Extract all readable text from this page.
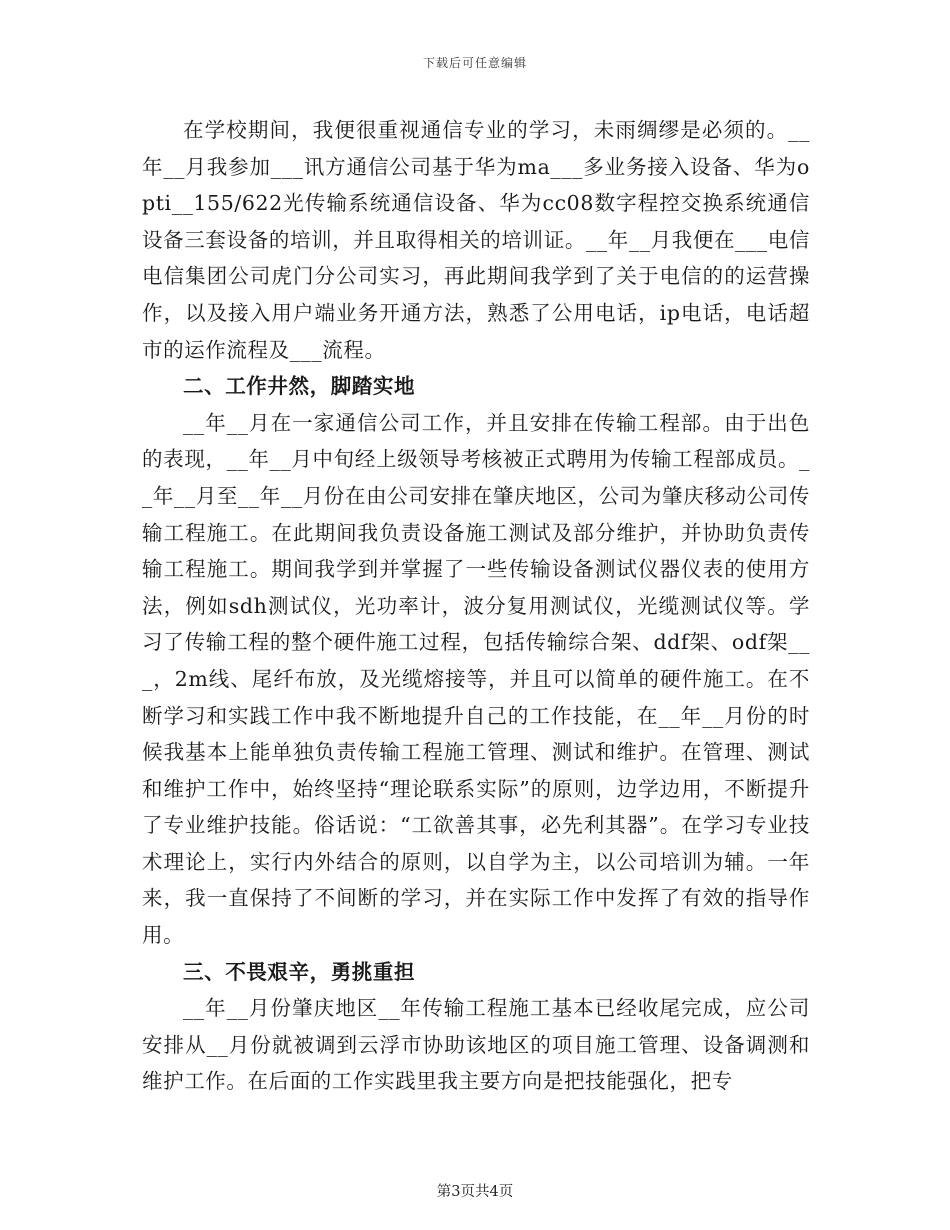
下载后可任意编辑

在学校期间，我便很重视通信专业的学习，未雨绸缪是必须的。__年__月我参加___讯方通信公司基于华为ma___多业务接入设备、华为opti__155/622光传输系统通信设备、华为cc08数字程控交换系统通信设备三套设备的培训，并且取得相关的培训证。__年__月我便在___电信电信集团公司虎门分公司实习，再此期间我学到了关于电信的的运营操作，以及接入用户端业务开通方法，熟悉了公用电话，ip电话，电话超市的运作流程及___流程。

二、工作井然，脚踏实地

__年__月在一家通信公司工作，并且安排在传输工程部。由于出色的表现，__年__月中旬经上级领导考核被正式聘用为传输工程部成员。__年__月至__年__月份在由公司安排在肇庆地区，公司为肇庆移动公司传输工程施工。在此期间我负责设备施工测试及部分维护，并协助负责传输工程施工。期间我学到并掌握了一些传输设备测试仪器仪表的使用方法，例如sdh测试仪，光功率计，波分复用测试仪，光缆测试仪等。学习了传输工程的整个硬件施工过程，包括传输综合架、ddf架、odf架___，2m线、尾纤布放，及光缆熔接等，并且可以简单的硬件施工。在不断学习和实践工作中我不断地提升自己的工作技能，在__年__月份的时候我基本上能单独负责传输工程施工管理、测试和维护。在管理、测试和维护工作中，始终坚持“理论联系实际”的原则，边学边用，不断提升了专业维护技能。俗话说：“工欲善其事，必先利其器”。在学习专业技术理论上，实行内外结合的原则，以自学为主，以公司培训为辅。一年来，我一直保持了不间断的学习，并在实际工作中发挥了有效的指导作用。

三、不畏艰辛，勇挑重担

__年__月份肇庆地区__年传输工程施工基本已经收尾完成，应公司安排从__月份就被调到云浮市协助该地区的项目施工管理、设备调测和维护工作。在后面的工作实践里我主要方向是把技能强化，把专

第3页共4页
